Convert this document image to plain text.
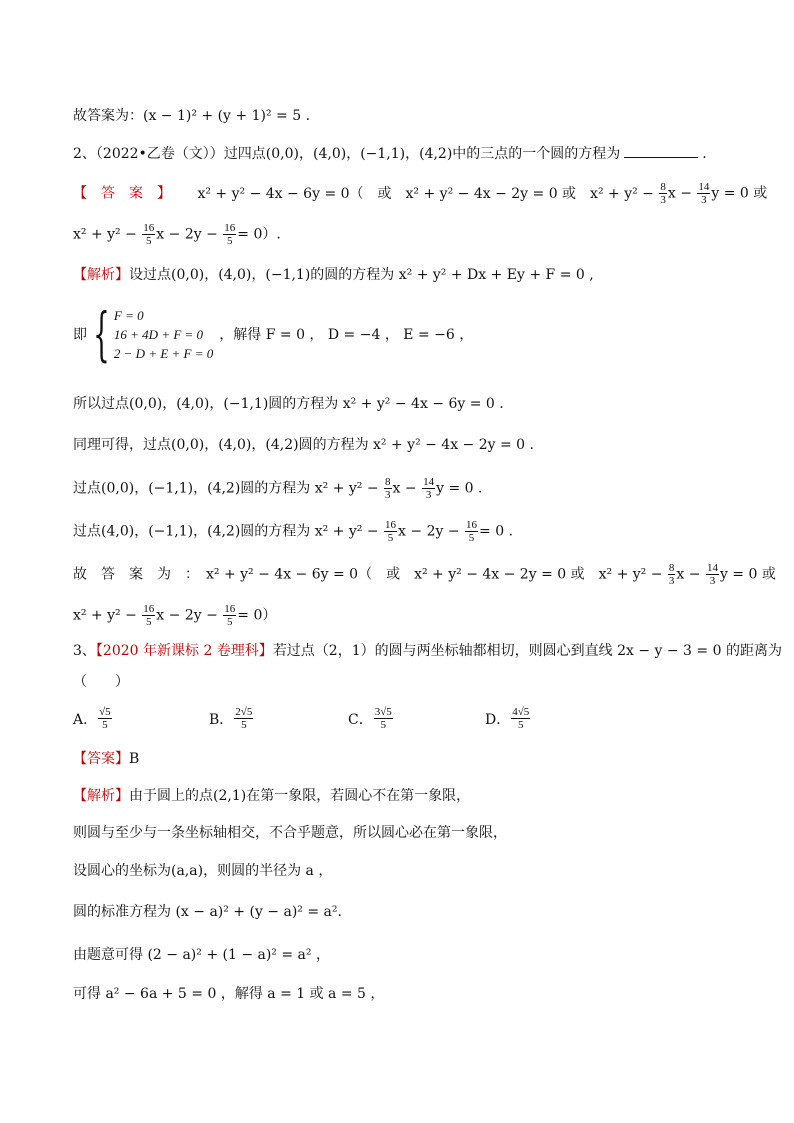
故答案为：(x − 1)² + (y + 1)² = 5 .
2、（2022•乙卷（文））过四点(0,0)，(4,0)，(−1,1)，(4,2)中的三点的一个圆的方程为	.
【　答　案　】 x² + y² − 4x − 6y = 0（　或　x² + y² − 4x − 2y = 0 或　$x^2 + y^2 - \frac{8}{3}$ $x - \frac{14}{3}$ y = 0 或
$x^2 + y^2 - \frac{16}{5}$ $x - 2y - \frac{16}{5} = 0$）.
【解析】设过点(0,0)，(4,0)，(−1,1)的圆的方程为 x² + y² + Dx + Ey + F = 0 ,
即 { F = 0
16 + 4D + F = 0
2 − D + E + F = 0
，解得 F = 0 ， D = −4 ， E = −6 ，
所以过点(0,0)，(4,0)，(−1,1)圆的方程为 x² + y² − 4x − 6y = 0 .
同理可得，过点(0,0)，(4,0)，(4,2)圆的方程为 x² + y² − 4x − 2y = 0 .
过点(0,0)，(−1,1)，(4,2)圆的方程为 $x^2 + y^2 - \frac{8}{3}$ $x - \frac{14}{3}$ y = 0 .
过点(4,0)，(−1,1)，(4,2)圆的方程为 $x^2 + y^2 - \frac{16}{5}$ $x - 2y - \frac{16}{5} = 0$ .
故　答　案　为　：　x² + y² − 4x − 6y = 0（　或　x² + y² − 4x − 2y = 0 或　$x^2 + y^2 - \frac{8}{3}$ $x - \frac{14}{3}$ y = 0 或
$x^2 + y^2 - \frac{16}{5}$ $x - 2y - \frac{16}{5} = 0$）
3、【2020 年新课标 2 卷理科】若过点（2，1）的圆与两坐标轴都相切，则圆心到直线 2x − y − 3 = 0 的距离为
（　　）
A． $\frac{√5}{5}$	B． $\frac{2√5}{5}$	C． $\frac{3√5}{5}$	D． $\frac{4√5}{5}$
【答案】B
【解析】由于圆上的点(2,1)在第一象限，若圆心不在第一象限，
则圆与至少与一条坐标轴相交，不合乎题意，所以圆心必在第一象限，
设圆心的坐标为(a,a)，则圆的半径为 a ，
圆的标准方程为 (x − a)² + (y − a)² = a².
由题意可得 (2 − a)² + (1 − a)² = a² ，
可得 a² − 6a + 5 = 0 ，解得 a = 1 或 a = 5 ，
